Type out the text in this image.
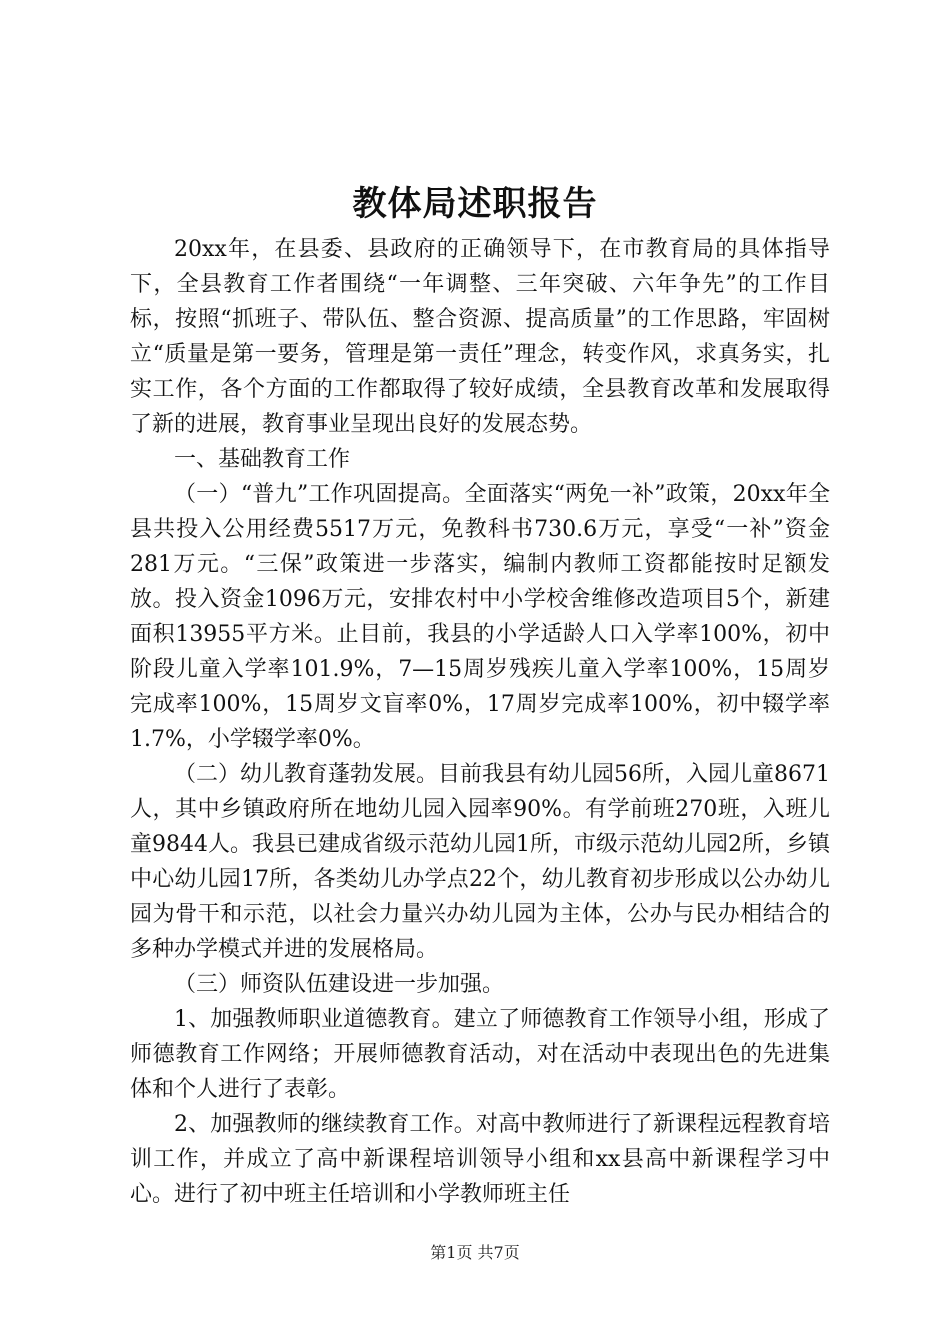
教体局述职报告

20xx年，在县委、县政府的正确领导下，在市教育局的具体指导下，全县教育工作者围绕“一年调整、三年突破、六年争先”的工作目标，按照“抓班子、带队伍、整合资源、提高质量”的工作思路，牢固树立“质量是第一要务，管理是第一责任”理念，转变作风，求真务实，扎实工作，各个方面的工作都取得了较好成绩，全县教育改革和发展取得了新的进展，教育事业呈现出良好的发展态势。

一、基础教育工作

（一）“普九”工作巩固提高。全面落实“两免一补”政策，20xx年全县共投入公用经费5517万元，免教科书730.6万元，享受“一补”资金281万元。“三保”政策进一步落实，编制内教师工资都能按时足额发放。投入资金1096万元，安排农村中小学校舍维修改造项目5个，新建面积13955平方米。止目前，我县的小学适龄人口入学率100%，初中阶段儿童入学率101.9%，7—15周岁残疾儿童入学率100%，15周岁完成率100%，15周岁文盲率0%，17周岁完成率100%，初中辍学率1.7%，小学辍学率0%。

（二）幼儿教育蓬勃发展。目前我县有幼儿园56所，入园儿童8671人，其中乡镇政府所在地幼儿园入园率90%。有学前班270班，入班儿童9844人。我县已建成省级示范幼儿园1所，市级示范幼儿园2所，乡镇中心幼儿园17所，各类幼儿办学点22个，幼儿教育初步形成以公办幼儿园为骨干和示范，以社会力量兴办幼儿园为主体，公办与民办相结合的多种办学模式并进的发展格局。

（三）师资队伍建设进一步加强。

1、加强教师职业道德教育。建立了师德教育工作领导小组，形成了师德教育工作网络；开展师德教育活动，对在活动中表现出色的先进集体和个人进行了表彰。

2、加强教师的继续教育工作。对高中教师进行了新课程远程教育培训工作，并成立了高中新课程培训领导小组和xx县高中新课程学习中心。进行了初中班主任培训和小学教师班主任

第1页 共7页
